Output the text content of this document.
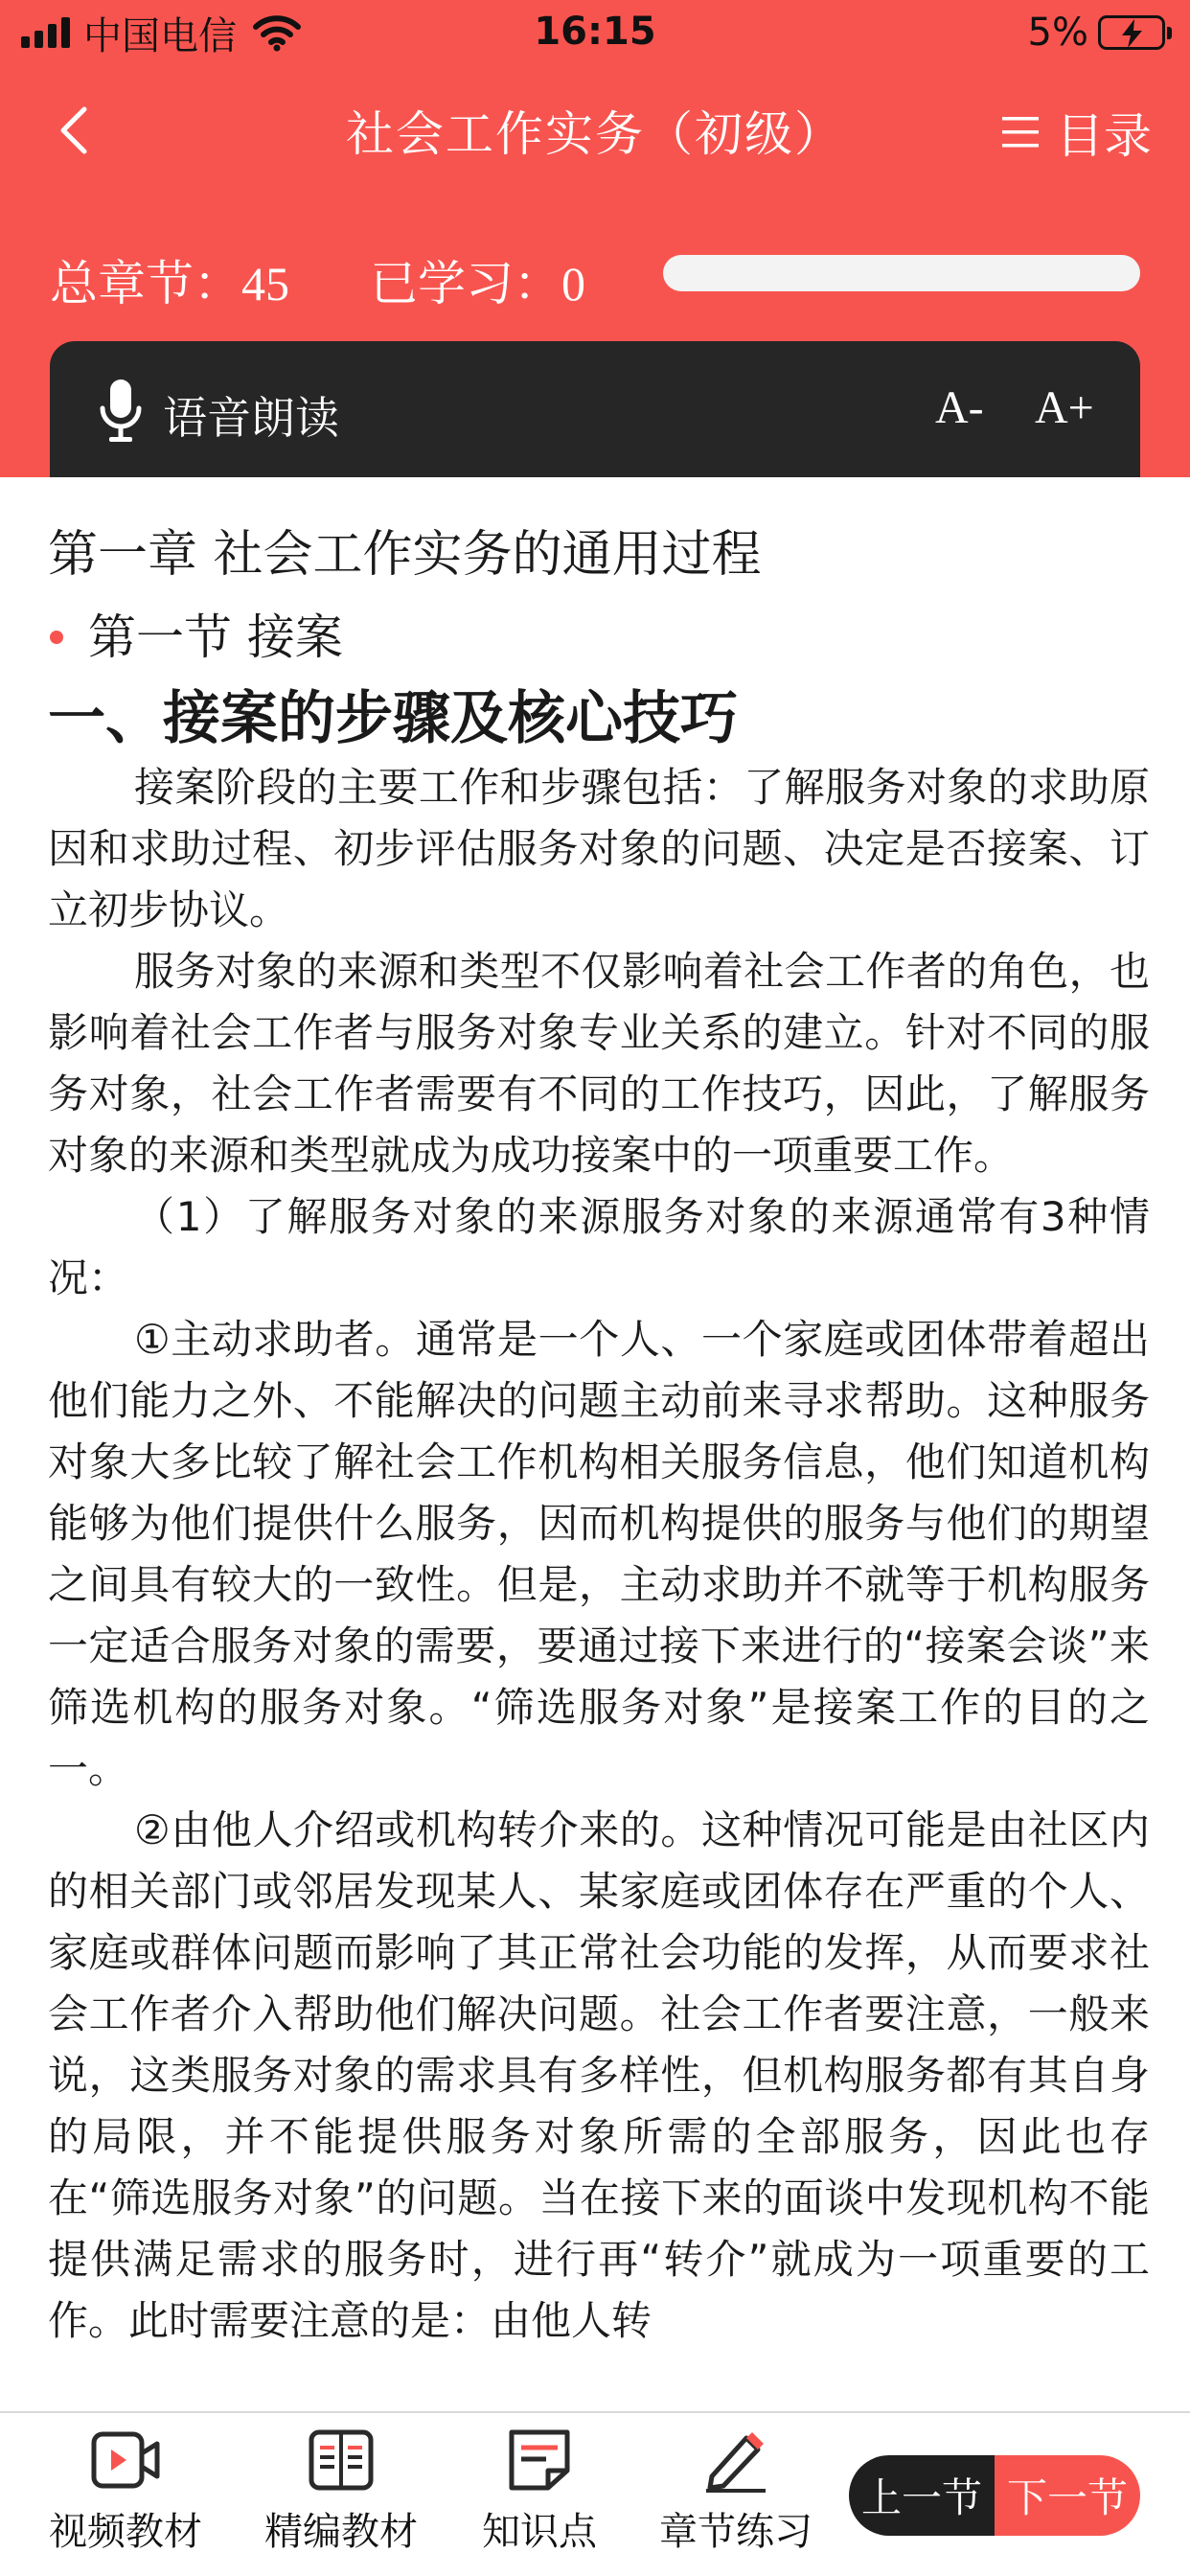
中国电信	16:15	5%
社会工作实务（初级）	目录
总章节：45 已学习：0
语音朗读	A- A+
第一章 社会工作实务的通用过程
第一节 接案
一、接案的步骤及核心技巧

接案阶段的主要工作和步骤包括：了解服务对象的求助原因和求助过程、初步评估服务对象的问题、决定是否接案、订立初步协议。

服务对象的来源和类型不仅影响着社会工作者的角色，也影响着社会工作者与服务对象专业关系的建立。针对不同的服务对象，社会工作者需要有不同的工作技巧，因此，了解服务对象的来源和类型就成为成功接案中的一项重要工作。

（1）了解服务对象的来源服务对象的来源通常有3种情况：

①主动求助者。通常是一个人、一个家庭或团体带着超出他们能力之外、不能解决的问题主动前来寻求帮助。这种服务对象大多比较了解社会工作机构相关服务信息，他们知道机构能够为他们提供什么服务，因而机构提供的服务与他们的期望之间具有较大的一致性。但是，主动求助并不就等于机构服务一定适合服务对象的需要，要通过接下来进行的“接案会谈”来筛选机构的服务对象。“筛选服务对象”是接案工作的目的之一。

②由他人介绍或机构转介来的。这种情况可能是由社区内的相关部门或邻居发现某人、某家庭或团体存在严重的个人、家庭或群体问题而影响了其正常社会功能的发挥，从而要求社会工作者介入帮助他们解决问题。社会工作者要注意，一般来说，这类服务对象的需求具有多样性，但机构服务都有其自身的局限，并不能提供服务对象所需的全部服务，因此也存在“筛选服务对象”的问题。当在接下来的面谈中发现机构不能提供满足需求的服务时，进行再“转介”就成为一项重要的工作。此时需要注意的是：由他人转

视频教材 精编教材	知识点	章节练习
上一节 下一节
